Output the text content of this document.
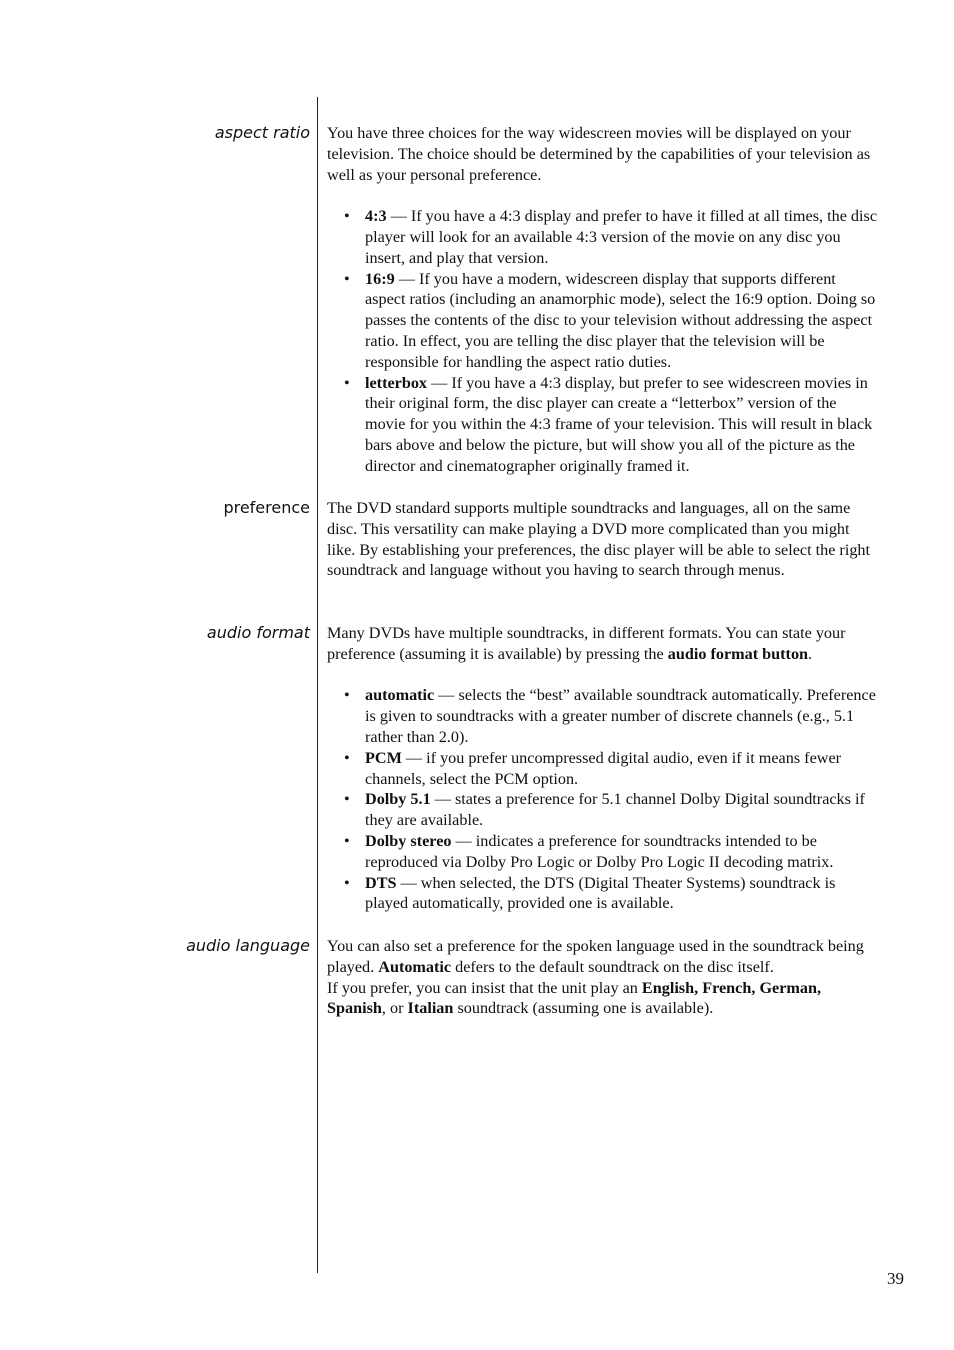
aspect ratio You have three choices for the way widescreen movies will be displayed on your television. The choice should be determined by the capabilities of your television as well as your personal preference.

• 4:3 — If you have a 4:3 display and prefer to have it filled at all times, the disc player will look for an available 4:3 version of the movie on any disc you insert, and play that version.
• 16:9 — If you have a modern, widescreen display that supports different aspect ratios (including an anamorphic mode), select the 16:9 option. Doing so passes the contents of the disc to your television without addressing the aspect ratio. In effect, you are telling the disc player that the television will be responsible for handling the aspect ratio duties.
• letterbox — If you have a 4:3 display, but prefer to see widescreen movies in their original form, the disc player can create a “letterbox” version of the movie for you within the 4:3 frame of your television. This will result in black bars above and below the picture, but will show you all of the picture as the director and cinematographer originally framed it.
preference The DVD standard supports multiple soundtracks and languages, all on the same disc. This versatility can make playing a DVD more complicated than you might like. By establishing your preferences, the disc player will be able to select the right soundtrack and language without you having to search through menus.

audio format Many DVDs have multiple soundtracks, in different formats. You can state your preference (assuming it is available) by pressing the audio format button.

• automatic — selects the “best” available soundtrack automatically. Preference is given to soundtracks with a greater number of discrete channels (e.g., 5.1 rather than 2.0).
• PCM — if you prefer uncompressed digital audio, even if it means fewer channels, select the PCM option.
• Dolby 5.1 — states a preference for 5.1 channel Dolby Digital soundtracks if they are available.
• Dolby stereo — indicates a preference for soundtracks intended to be reproduced via Dolby Pro Logic or Dolby Pro Logic II decoding matrix.
• DTS — when selected, the DTS (Digital Theater Systems) soundtrack is played automatically, provided one is available.
audio language You can also set a preference for the spoken language used in the soundtrack being played. Automatic defers to the default soundtrack on the disc itself.

If you prefer, you can insist that the unit play an English, French, German, Spanish, or Italian soundtrack (assuming one is available).

39
